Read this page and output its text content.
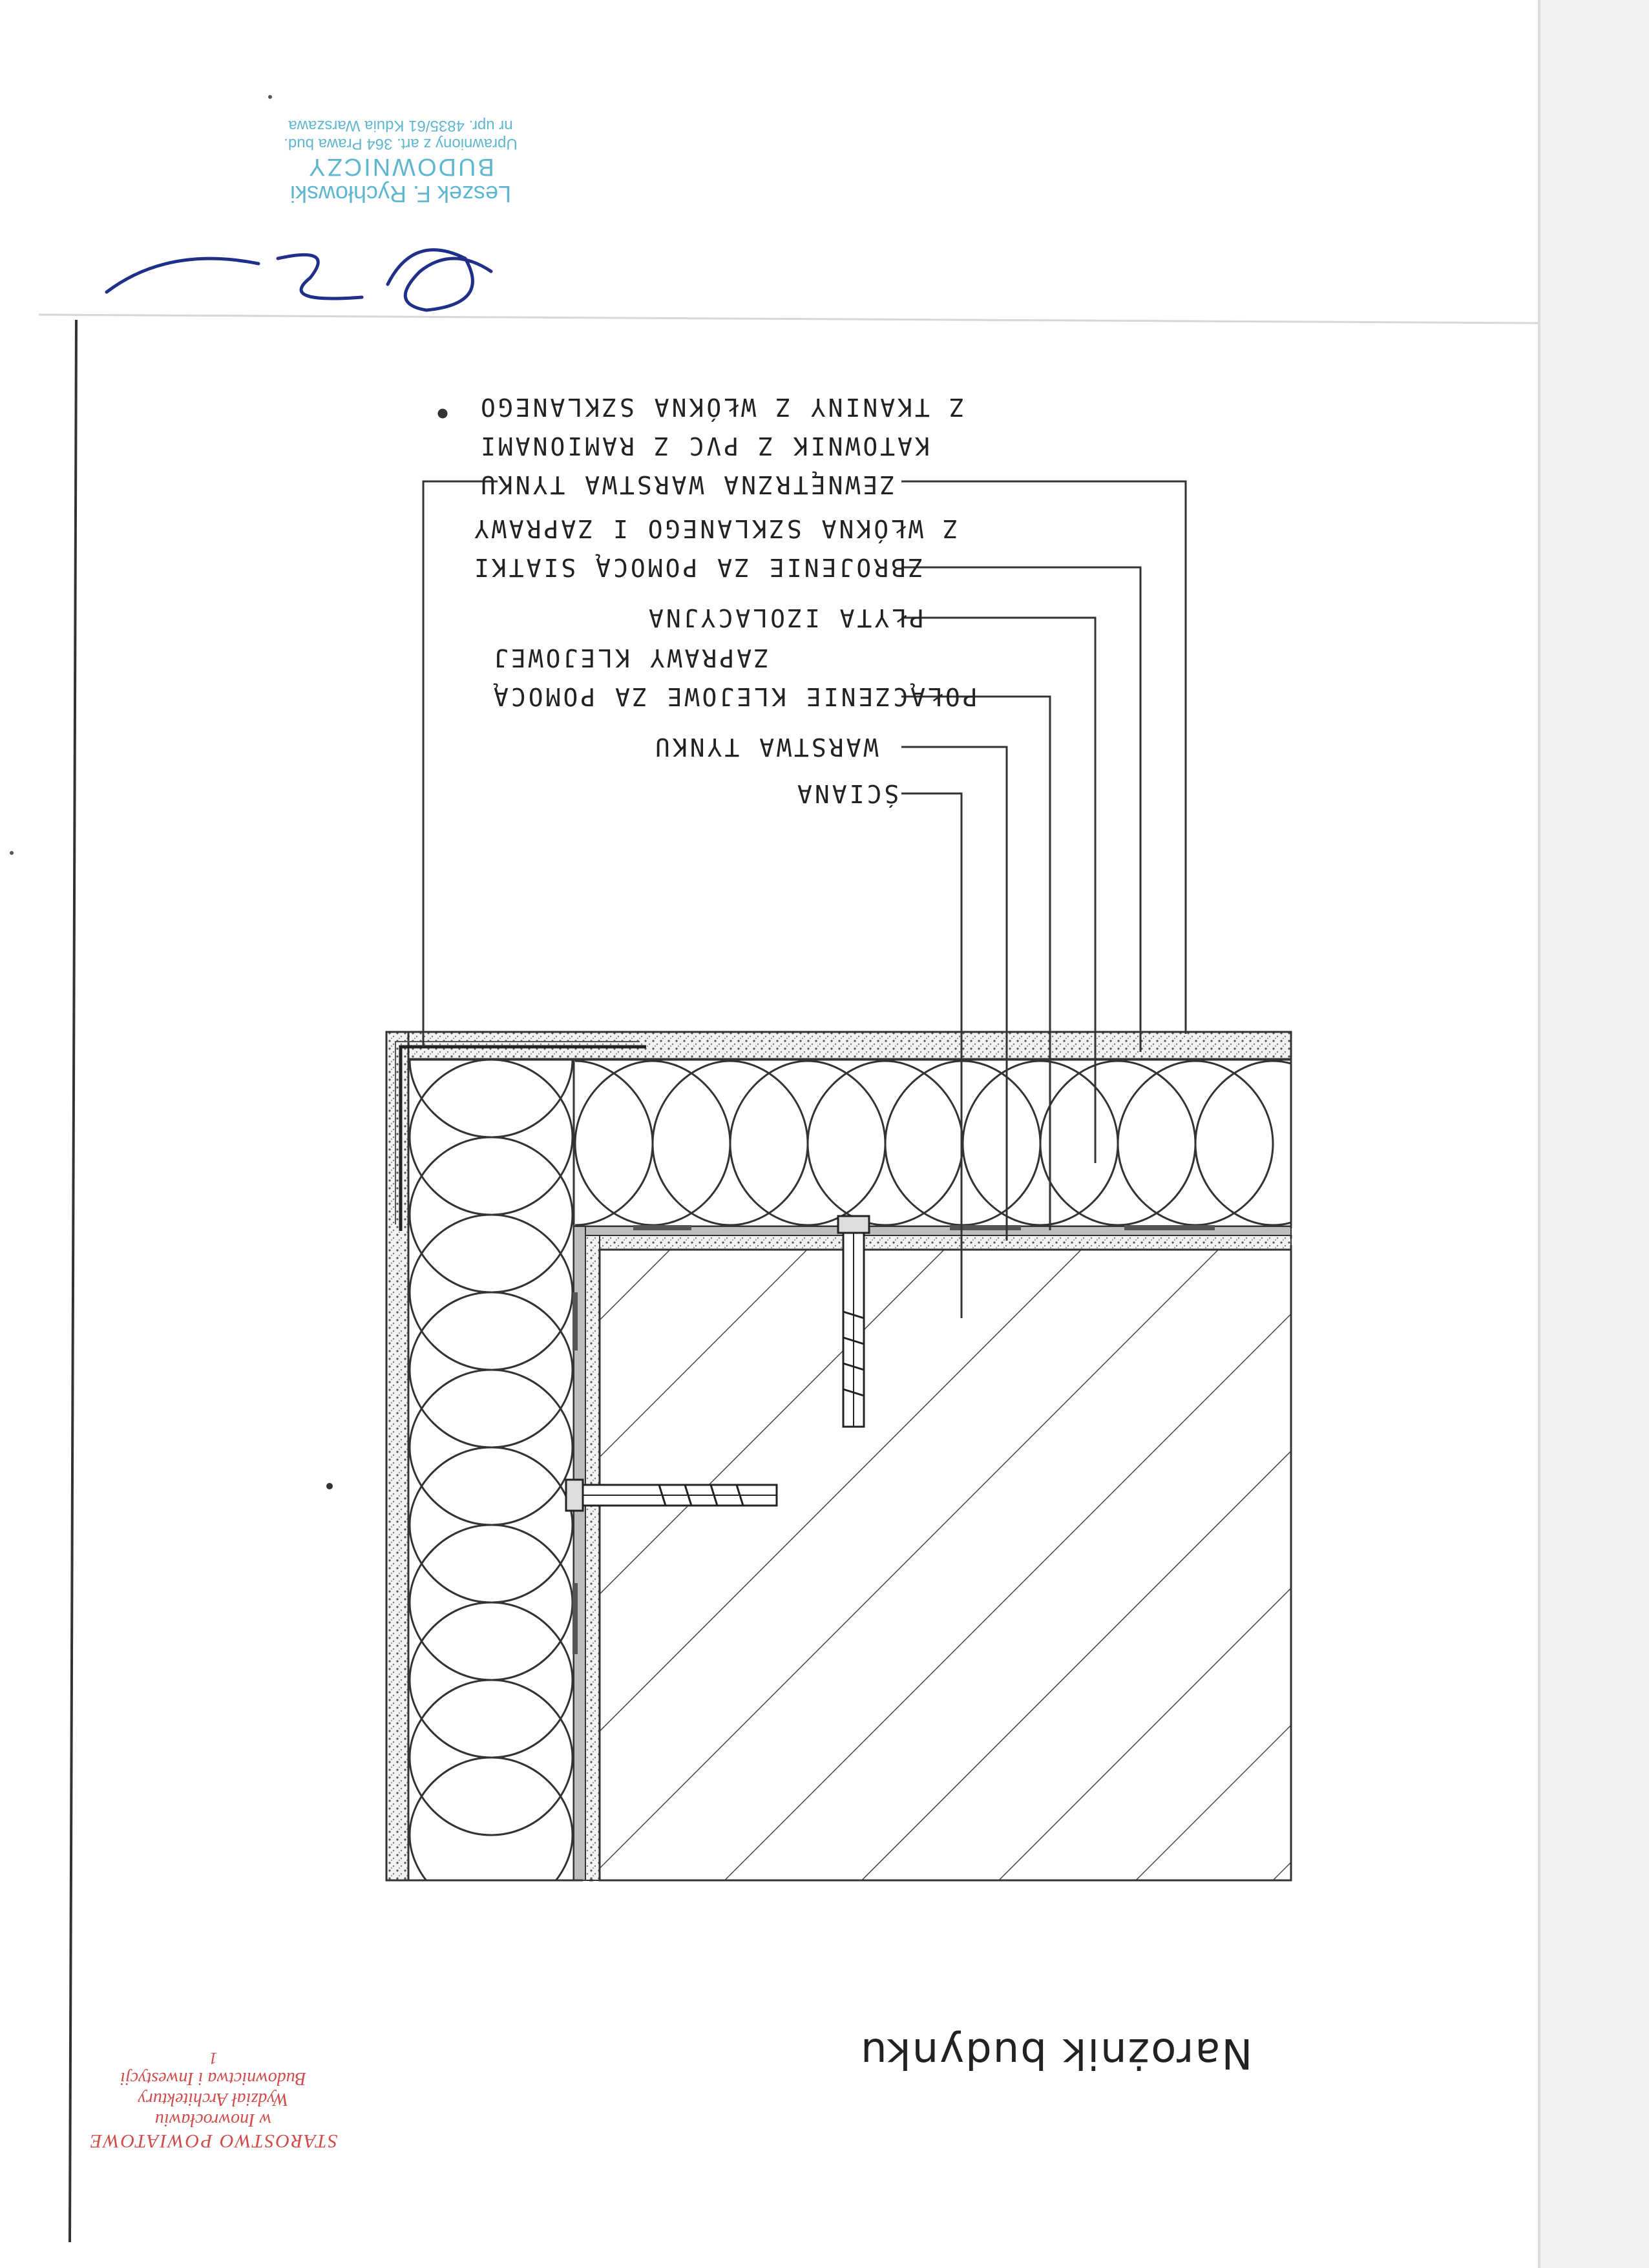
ŚCIANA
WARSTWA TYNKU
POŁĄCZENIE KLEJOWE ZA POMOCĄ
ZAPRAWY KLEJOWEJ
PŁYTA IZOLACYJNA
ZBROJENIE ZA POMOCĄ SIATKI
Z WŁÓKNA SZKLANEGO I ZAPRAWY
ZEWNĘTRZNA WARSTWA TYNKU
KATOWNIK Z PVC Z RAMIONAMI
Z TKANINY Z WŁÓKNA SZKLANEGO
Narożnik budynku
Leszek F. Rychłowski
BUDOWNICZY
Uprawniony z art. 364 Prawa bud.
nr upr. 4835/61 Kduia Warszawa
STAROSTWO POWIATOWE
w Inowrocławiu
Wydział Architektury
Budownictwa i Inwestycji
1
